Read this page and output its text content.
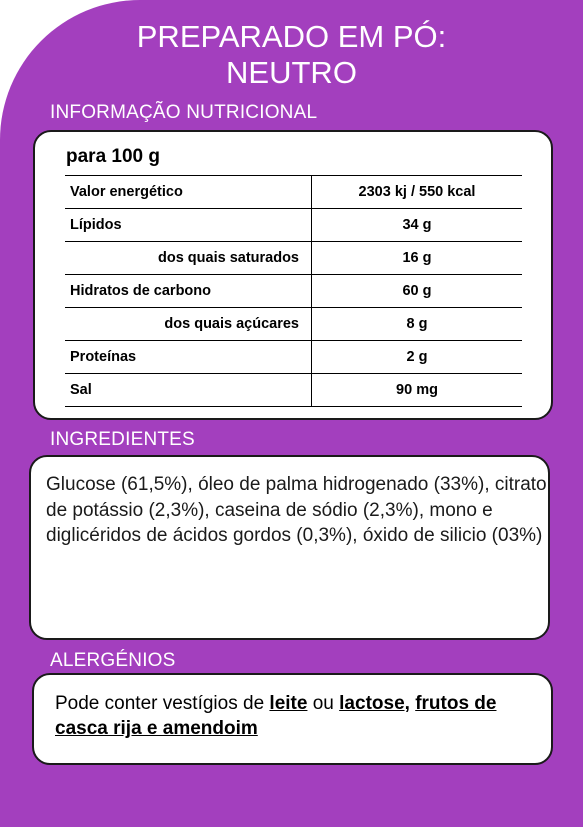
PREPARADO EM PÓ:
NEUTRO
INFORMAÇÃO NUTRICIONAL
para 100 g
Valor energético	2303 kj / 550 kcal
Lípidos	34 g
dos quais saturados	16 g
Hidratos de carbono	60 g
dos quais açúcares	8 g
Proteínas	2 g
Sal	90 mg
INGREDIENTES
Glucose (61,5%), óleo de palma hidrogenado (33%), citrato de potássio (2,3%), caseina de sódio (2,3%), mono e diglicéridos de ácidos gordos (0,3%), óxido de silicio (03%)
ALERGÉNIOS
Pode conter vestígios de leite ou lactose, frutos de casca rija e amendoim
